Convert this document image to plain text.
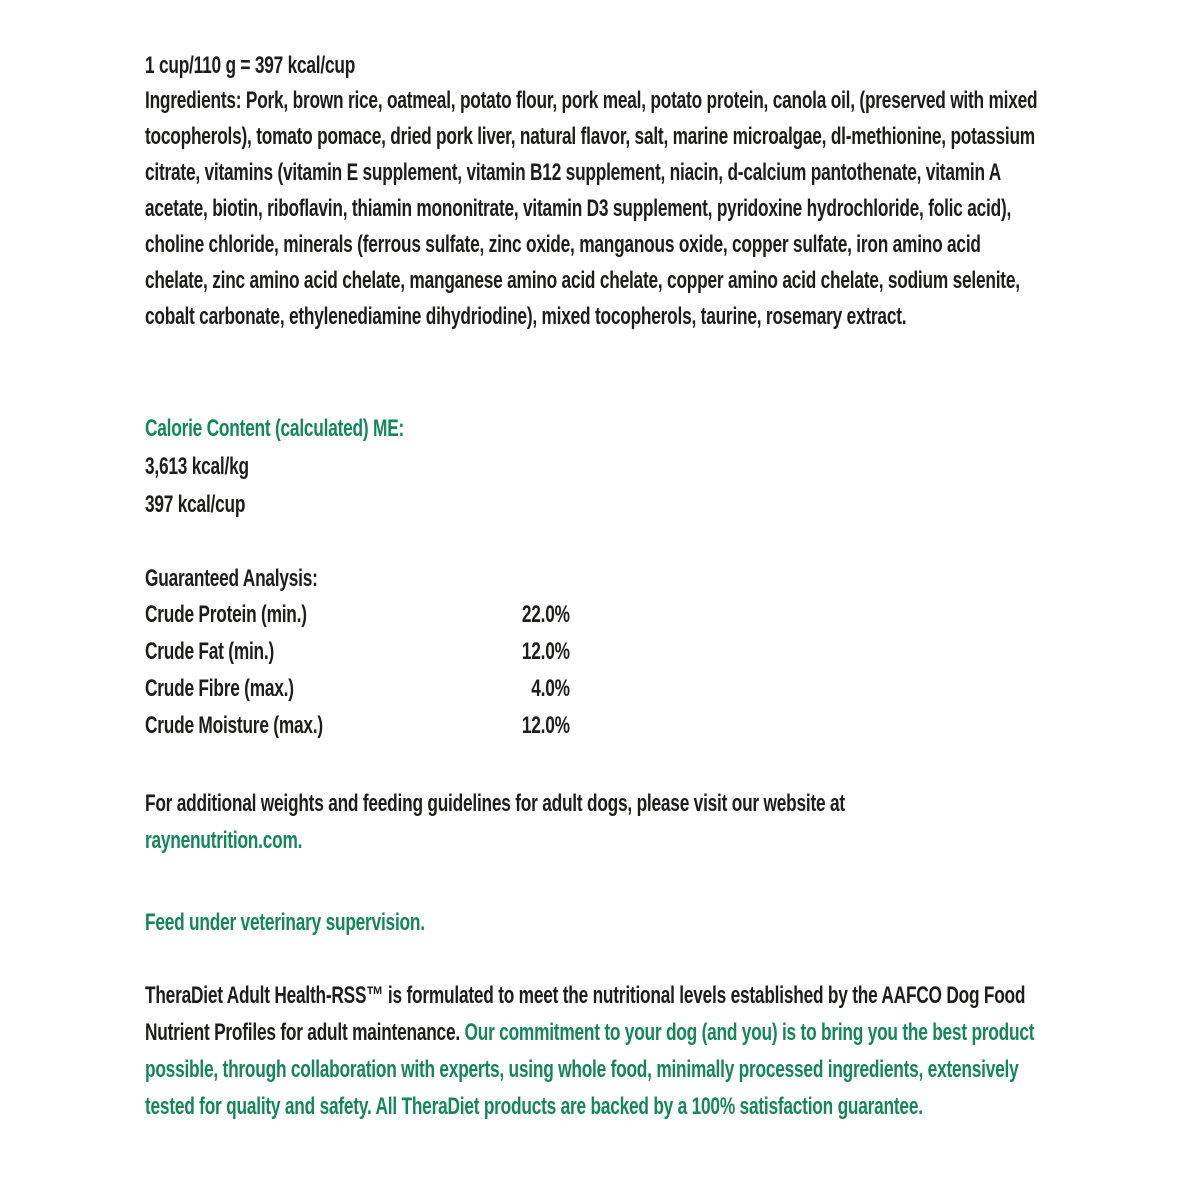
1 cup/110 g = 397 kcal/cup
Ingredients: Pork, brown rice, oatmeal, potato flour, pork meal, potato protein, canola oil, (preserved with mixed tocopherols), tomato pomace, dried pork liver, natural flavor, salt, marine microalgae, dl-methionine, potassium citrate, vitamins (vitamin E supplement, vitamin B12 supplement, niacin, d-calcium pantothenate, vitamin A acetate, biotin, riboflavin, thiamin mononitrate, vitamin D3 supplement, pyridoxine hydrochloride, folic acid), choline chloride, minerals (ferrous sulfate, zinc oxide, manganous oxide, copper sulfate, iron amino acid chelate, zinc amino acid chelate, manganese amino acid chelate, copper amino acid chelate, sodium selenite, cobalt carbonate, ethylenediamine dihydriodine), mixed tocopherols, taurine, rosemary extract.
Calorie Content (calculated) ME:
3,613 kcal/kg
397 kcal/cup
Guaranteed Analysis:
Crude Protein (min.)	22.0%
Crude Fat (min.)	12.0%
Crude Fibre (max.)	4.0%
Crude Moisture (max.)	12.0%
For additional weights and feeding guidelines for adult dogs, please visit our website at
raynenutrition.com.
Feed under veterinary supervision.
TheraDiet Adult Health-RSS™ is formulated to meet the nutritional levels established by the AAFCO Dog Food Nutrient Profiles for adult maintenance. Our commitment to your dog (and you) is to bring you the best product possible, through collaboration with experts, using whole food, minimally processed ingredients, extensively tested for quality and safety. All TheraDiet products are backed by a 100% satisfaction guarantee.
